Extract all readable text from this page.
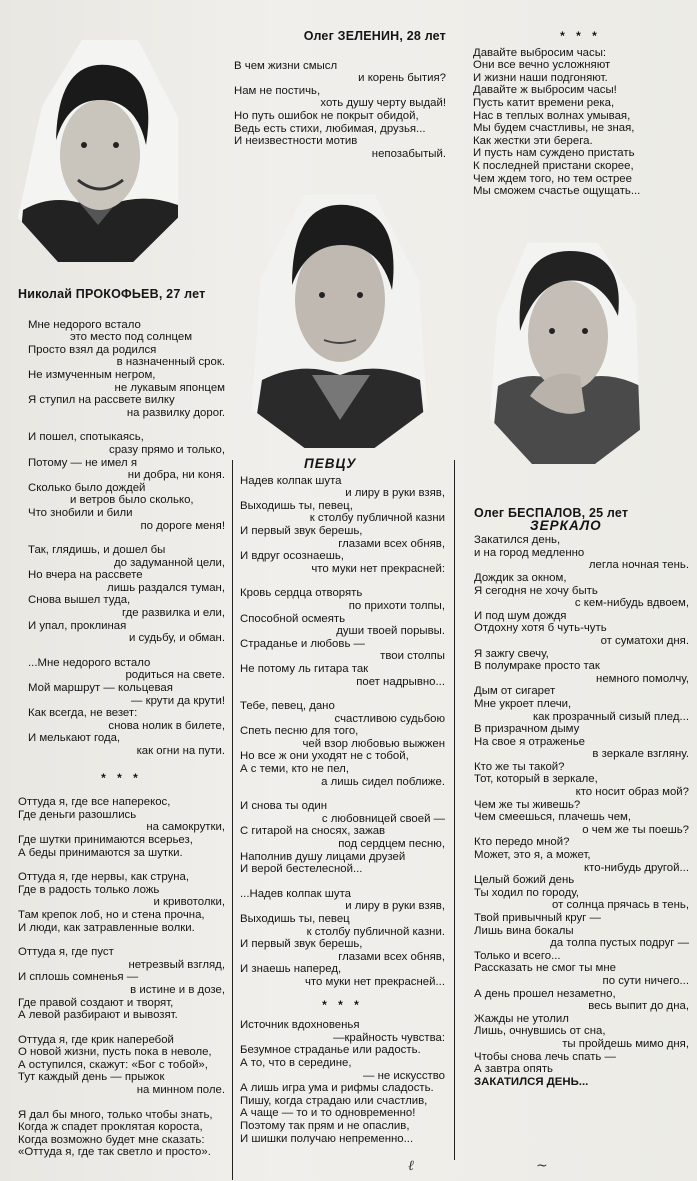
Николай ПРОКОФЬЕВ, 27 лет
Мне недорого встало
это место под солнцем
Просто взял да родился
в назначенный срок.
Не измученным негром,
не лукавым японцем
Я ступил на рассвете вилку
на развилку дорог.
И пошел, спотыкаясь,
сразу прямо и только,
Потому — не имел я
ни добра, ни коня.
Сколько было дождей
и ветров было сколько,
Что знобили и били
по дороге меня!
Так, глядишь, и дошел бы
до задуманной цели,
Но вчера на рассвете
лишь раздался туман,
Снова вышел туда,
где развилка и ели,
И упал, проклиная
и судьбу, и обман.
...Мне недорого встало
родиться на свете.
Мой маршрут — кольцевая
— крути да крути!
Как всегда, не везет:
снова нолик в билете,
И мелькают года,
как огни на пути.
* * *
Оттуда я, где все наперекос,
Где деньги разошлись
на самокрутки,
Где шутки принимаются всерьез,
А беды принимаются за шутки.
Оттуда я, где нервы, как струна,
Где в радость только ложь
и кривотолки,
Там крепок лоб, но и стена прочна,
И люди, как затравленные волки.
Оттуда я, где пуст
нетрезвый взгляд,
И сплошь сомненья —
в истине и в дозе,
Где правой создают и творят,
А левой разбирают и вывозят.
Оттуда я, где крик наперебой
О новой жизни, пусть пока в неволе,
А оступился, скажут: «Бог с тобой»,
Тут каждый день — прыжок
на минном поле.
Я дал бы много, только чтобы знать,
Когда ж спадет проклятая короста,
Когда возможно будет мне сказать:
«Оттуда я, где так светло и просто».
Олег ЗЕЛЕНИН, 28 лет
В чем жизни смысл
и корень бытия?
Нам не постичь,
хоть душу черту выдай!
Но путь ошибок не покрыт обидой,
Ведь есть стихи, любимая, друзья...
И неизвестности мотив
непозабытый.
ПЕВЦУ
Надев колпак шута
и лиру в руки взяв,
Выходишь ты, певец,
к столбу публичной казни
И первый звук берешь,
глазами всех обняв,
И вдруг осознаешь,
что муки нет прекрасней:
Кровь сердца отворять
по прихоти толпы,
Способной осмеять
души твоей порывы.
Страданье и любовь —
твои столпы
Не потому ль гитара так
поет надрывно...
Тебе, певец, дано
счастливою судьбою
Спеть песню для того,
чей взор любовью выжжен
Но все ж они уходят не с тобой,
А с теми, кто не пел,
а лишь сидел поближе.
И снова ты один
с любовницей своей —
С гитарой на сносях, зажав
под сердцем песню,
Наполнив душу лицами друзей
И верой бестелесной...
...Надев колпак шута
и лиру в руки взяв,
Выходишь ты, певец
к столбу публичной казни.
И первый звук берешь,
глазами всех обняв,
И знаешь наперед,
что муки нет прекрасней...
* * *
Источник вдохновенья
—крайность чувства:
Безумное страданье или радость.
А то, что в середине,
— не искусство
А лишь игра ума и рифмы сладость.
Пишу, когда страдаю или счастлив,
А чаще — то и то одновременно!
Поэтому так прям и не опаслив,
И шишки получаю непременно...
* * *
Давайте выбросим часы:
Они все вечно усложняют
И жизни наши подгоняют.
Давайте ж выбросим часы!
Пусть катит времени река,
Нас в теплых волнах умывая,
Мы будем счастливы, не зная,
Как жестки эти берега.
И пусть нам суждено пристать
К последней пристани скорее,
Чем ждем того, но тем острее
Мы сможем счастье ощущать...
Олег БЕСПАЛОВ, 25 лет
ЗЕРКАЛО
Закатился день,
и на город медленно
легла ночная тень.
Дождик за окном,
Я сегодня не хочу быть
с кем-нибудь вдвоем,
И под шум дождя
Отдохну хотя б чуть-чуть
от суматохи дня.
Я зажгу свечу,
В полумраке просто так
немного помолчу,
Дым от сигарет
Мне укроет плечи,
как прозрачный сизый плед...
В призрачном дыму
На свое я отраженье
в зеркале взгляну.
Кто же ты такой?
Тот, который в зеркале,
кто носит образ мой?
Чем же ты живешь?
Чем смеешься, плачешь чем,
о чем же ты поешь?
Кто передо мной?
Может, это я, а может,
кто-нибудь другой...
Целый божий день
Ты ходил по городу,
от солнца прячась в тень,
Твой привычный круг —
Лишь вина бокалы
да толпа пустых подруг —
Только и всего...
Рассказать не смог ты мне
по сути ничего...
А день прошел незаметно,
весь выпит до дна,
Жажды не утолил
Лишь, очнувшись от сна,
ты пройдешь мимо дня,
Чтобы снова лечь спать —
А завтра опять
ЗАКАТИЛСЯ ДЕНЬ...
ℓ	~
